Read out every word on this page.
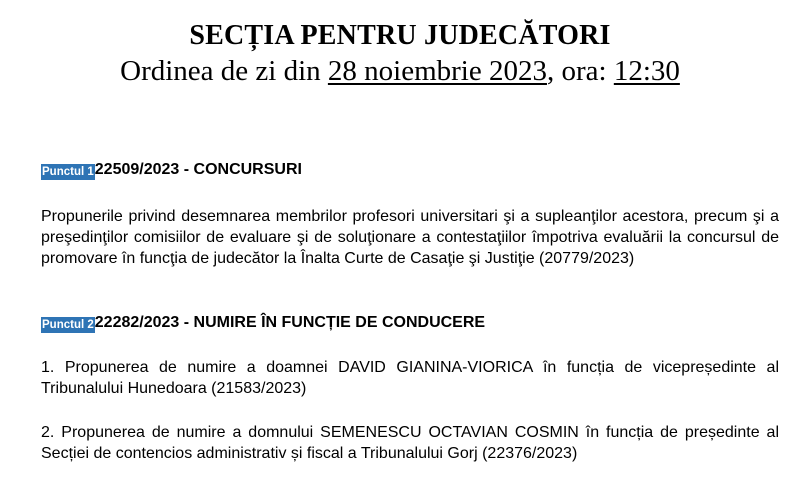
SECȚIA PENTRU JUDECĂTORI
Ordinea de zi din 28 noiembrie 2023, ora: 12:30
Punctul 122509/2023 - CONCURSURI
Propunerile privind desemnarea membrilor profesori universitari şi a supleanţilor acestora, precum şi a preşedinţilor comisiilor de evaluare şi de soluţionare a contestaţiilor împotriva evaluării la concursul de promovare în funcţia de judecător la Înalta Curte de Casaţie şi Justiţie (20779/2023)
Punctul 222282/2023 - NUMIRE ÎN FUNCȚIE DE CONDUCERE
1. Propunerea de numire a doamnei DAVID GIANINA-VIORICA în funcția de vicepreședinte al Tribunalului Hunedoara (21583/2023)
2. Propunerea de numire a domnului SEMENESCU OCTAVIAN COSMIN în funcția de președinte al Secției de contencios administrativ și fiscal a Tribunalului Gorj (22376/2023)
